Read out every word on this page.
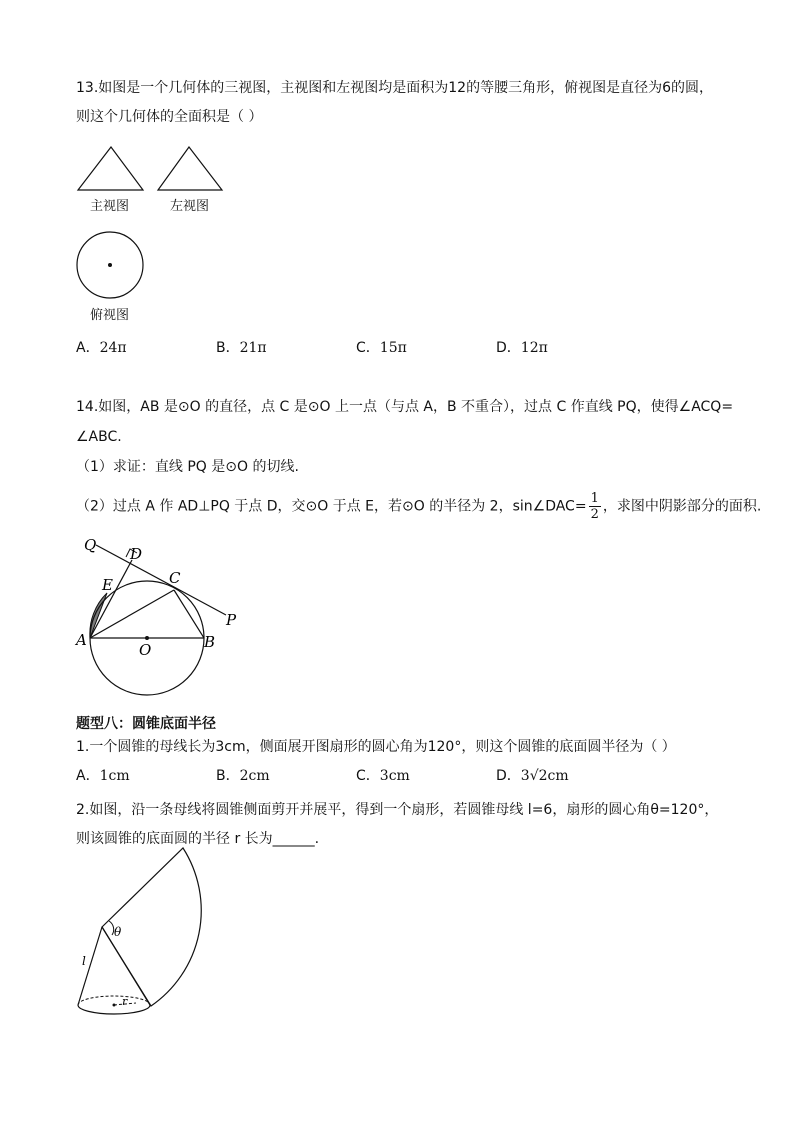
13.如图是一个几何体的三视图，主视图和左视图均是面积为12的等腰三角形，俯视图是直径为6的圆，
则这个几何体的全面积是（ ）
主视图	左视图
俯视图
A．24π	B．21π	C．15π	D．12π
14.如图，AB 是⊙O 的直径，点 C 是⊙O 上一点（与点 A，B 不重合），过点 C 作直线 PQ，使得∠ACQ=
∠ABC.
（1）求证：直线 PQ 是⊙O 的切线.
（2）过点 A 作 AD⊥PQ 于点 D，交⊙O 于点 E，若⊙O 的半径为 2，sin∠DAC= $\frac{1}{2}$ ，求图中阴影部分的面积.
Q D
E	C
P
A
O	B
题型八：圆锥底面半径
1.一个圆锥的母线长为3cm，侧面展开图扇形的圆心角为120°，则这个圆锥的底面圆半径为（ ）
A．1cm	B．2cm	C．3cm	D．3√2cm
2.如图，沿一条母线将圆锥侧面剪开并展平，得到一个扇形，若圆锥母线 l=6，扇形的圆心角θ=120°，
则该圆锥的底面圆的半径 r 长为______.
θ
l
r
